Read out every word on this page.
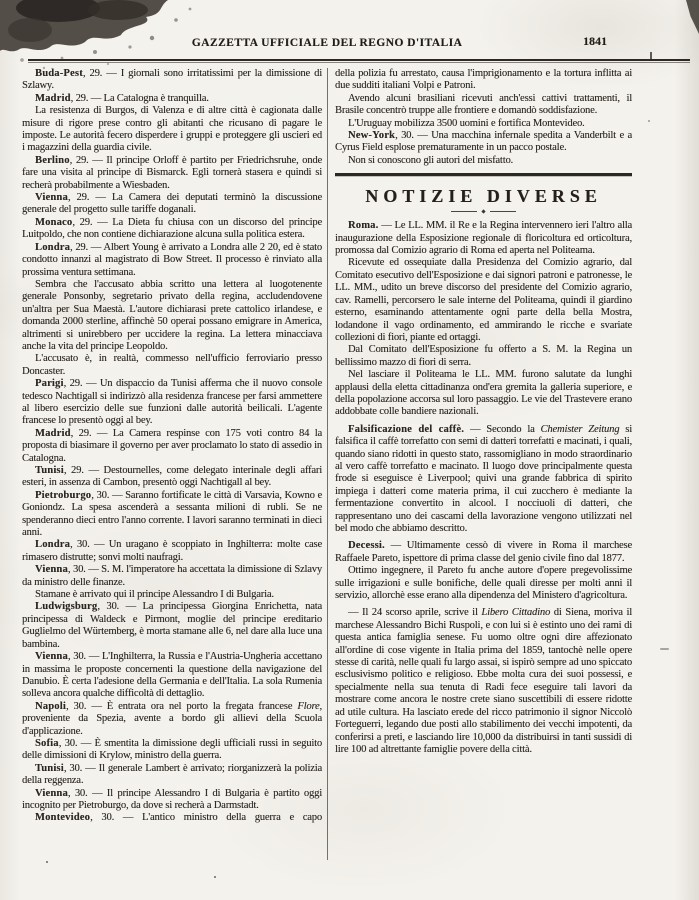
GAZZETTA UFFICIALE DEL REGNO D'ITALIA	1841

Buda-Pest, 29. — I giornali sono irritatissimi per la dimissione di Szlawy.

Madrid, 29. — La Catalogna è tranquilla.

La resistenza di Burgos, di Valenza e di altre città è cagionata dalle misure di rigore prese contro gli abitanti che ricusano di pagare le imposte. Le autorità fecero disperdere i gruppi e proteggere gli uscieri ed i magazzini della guardia civile.

Berlino, 29. — Il principe Orloff è partito per Friedrichsruhe, onde fare una visita al principe di Bismarck. Egli tornerà stasera e quindi si recherà probabilmente a Wiesbaden.

Vienna, 29. — La Camera dei deputati terminò la discussione generale del progetto sulle tariffe doganali.

Monaco, 29. — La Dieta fu chiusa con un discorso del principe Luitpoldo, che non contiene dichiarazione alcuna sulla politica estera.

Londra, 29. — Albert Young è arrivato a Londra alle 2 20, ed è stato condotto innanzi al magistrato di Bow Street. Il processo è rinviato alla prossima ventura settimana.

Sembra che l'accusato abbia scritto una lettera al luogotenente generale Ponsonby, segretario privato della regina, accludendovene un'altra per Sua Maestà. L'autore dichiarasi prete cattolico irlandese, e domanda 2000 sterline, affinchè 50 operai possano emigrare in America, altrimenti si unirebbero per uccidere la regina. La lettera minacciava anche la vita del principe Leopoldo.

L'accusato è, in realtà, commesso nell'ufficio ferroviario presso Doncaster.

Parigi, 29. — Un dispaccio da Tunisi afferma che il nuovo console tedesco Nachtigall si indirizzò alla residenza francese per farsi ammettere al libero esercizio delle sue funzioni dalle autorità beilicali. L'agente francese lo presentò oggi al bey.

Madrid, 29. — La Camera respinse con 175 voti contro 84 la proposta di biasimare il governo per aver proclamato lo stato di assedio in Catalogna.

Tunisi, 29. — Destournelles, come delegato interinale degli affari esteri, in assenza di Cambon, presentò oggi Nachtigall al bey.

Pietroburgo, 30. — Saranno fortificate le città di Varsavia, Kowno e Goniondz. La spesa ascenderà a sessanta milioni di rubli. Se ne spenderanno dieci entro l'anno corrente. I lavori saranno terminati in dieci anni.

Londra, 30. — Un uragano è scoppiato in Inghilterra: molte case rimasero distrutte; sonvi molti naufragi.

Vienna, 30. — S. M. l'imperatore ha accettata la dimissione di Szlavy da ministro delle finanze.

Stamane è arrivato qui il principe Alessandro I di Bulgaria.

Ludwigsburg, 30. — La principessa Giorgina Enrichetta, nata principessa di Waldeck e Pirmont, moglie del principe ereditario Guglielmo del Würtemberg, è morta stamane alle 6, nel dare alla luce una bambina.

Vienna, 30. — L'Inghilterra, la Russia e l'Austria-Ungheria accettano in massima le proposte concernenti la questione della navigazione del Danubio. È certa l'adesione della Germania e dell'Italia. La sola Rumenia solleva ancora qualche difficoltà di dettaglio.

Napoli, 30. — È entrata ora nel porto la fregata francese Flore, proveniente da Spezia, avente a bordo gli allievi della Scuola d'applicazione.

Sofia, 30. — È smentita la dimissione degli ufficiali russi in seguito delle dimissioni di Krylow, ministro della guerra.

Tunisi, 30. — Il generale Lambert è arrivato; riorganizzerà la polizia della reggenza.

Vienna, 30. — Il principe Alessandro I di Bulgaria è partito oggi incognito per Pietroburgo, da dove si recherà a Darmstadt.

Montevideo, 30. — L'antico ministro della guerra e capo

della polizia fu arrestato, causa l'imprigionamento e la tortura inflitta ai due sudditi italiani Volpi e Patroni.

Avendo alcuni brasiliani ricevuti anch'essi cattivi trattamenti, il Brasile concentrò truppe alle frontiere e domandò soddisfazione.

L'Uruguay mobilizza 3500 uomini e fortifica Montevideo.

New-York, 30. — Una macchina infernale spedita a Vanderbilt e a Cyrus Field esplose prematuramente in un pacco postale.

Non si conoscono gli autori del misfatto.

NOTIZIE DIVERSE

Roma. — Le LL. MM. il Re e la Regina intervennero ieri l'altro alla inaugurazione della Esposizione regionale di floricoltura ed orticoltura, promossa dal Comizio agrario di Roma ed aperta nel Politeama.

Ricevute ed ossequiate dalla Presidenza del Comizio agrario, dal Comitato esecutivo dell'Esposizione e dai signori patroni e patronesse, le LL. MM., udito un breve discorso del presidente del Comizio agrario, cav. Ramelli, percorsero le sale interne del Politeama, quindi il giardino esterno, esaminando attentamente ogni parte della bella Mostra, lodandone il vago ordinamento, ed ammirando le ricche e svariate collezioni di fiori, piante ed ortaggi.

Dal Comitato dell'Esposizione fu offerto a S. M. la Regina un bellissimo mazzo di fiori di serra.

Nel lasciare il Politeama le LL. MM. furono salutate da lunghi applausi della eletta cittadinanza ond'era gremita la galleria superiore, e della popolazione accorsa sul loro passaggio. Le vie del Trastevere erano addobbate colle bandiere nazionali.

Falsificazione del caffè. — Secondo la Chemister Zeitung si falsifica il caffè torrefatto con semi di datteri torrefatti e macinati, i quali, quando siano ridotti in questo stato, rassomigliano in modo straordinario al vero caffè torrefatto e macinato. Il luogo dove principalmente questa frode si eseguisce è Liverpool; quivi una grande fabbrica di spirito impiega i datteri come materia prima, il cui zucchero è mediante la fermentazione convertito in alcool. I nocciuoli di datteri, che rappresentano uno dei cascami della lavorazione vengono utilizzati nel bel modo che abbiamo descritto.

Decessi. — Ultimamente cessò di vivere in Roma il marchese Raffaele Pareto, ispettore di prima classe del genio civile fino dal 1877.

Ottimo ingegnere, il Pareto fu anche autore d'opere pregevolissime sulle irrigazioni e sulle bonifiche, delle quali diresse per molti anni il servizio, allorchè esse erano alla dipendenza del Ministero d'agricoltura.

— Il 24 scorso aprile, scrive il Libero Cittadino di Siena, moriva il marchese Alessandro Bichi Ruspoli, e con lui si è estinto uno dei rami di questa antica famiglia senese. Fu uomo oltre ogni dire affezionato all'ordine di cose vigente in Italia prima del 1859, tantochè nelle opere stesse di carità, nelle quali fu largo assai, si ispirò sempre ad uno spiccato esclusivismo politico e religioso. Ebbe molta cura dei suoi possessi, e specialmente nella sua tenuta di Radi fece eseguire tali lavori da mostrare come ancora le nostre crete siano suscettibili di essere ridotte ad utile cultura. Ha lasciato erede del ricco patrimonio il signor Niccolò Forteguerri, legando due posti allo stabilimento dei vecchi impotenti, da conferirsi a preti, e lasciando lire 10,000 da distribuirsi in tanti sussidi di lire 100 ad altrettante famiglie povere della città.
